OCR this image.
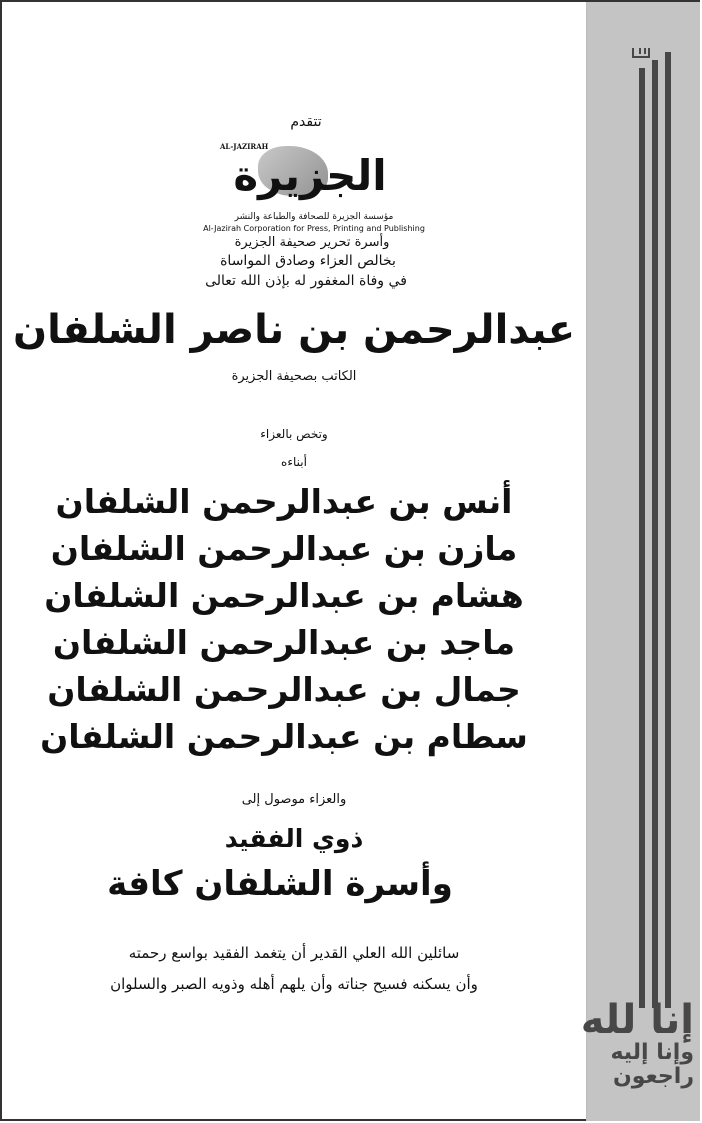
تتقدم
AL-JAZIRAH
الجزيرة
مؤسسة الجزيرة للصحافة والطباعة والنشر
Al-Jazirah Corporation for Press, Printing and Publishing
وأسرة تحرير صحيفة الجزيرة
بخالص العزاء وصادق المواساة
في وفاة المغفور له بإذن الله تعالى
عبدالرحمن بن ناصر الشلفان
الكاتب بصحيفة الجزيرة
وتخص بالعزاء
أبناءه
أنس بن عبدالرحمن الشلفان
مازن بن عبدالرحمن الشلفان
هشام بن عبدالرحمن الشلفان
ماجد بن عبدالرحمن الشلفان
جمال بن عبدالرحمن الشلفان
سطام بن عبدالرحمن الشلفان
والعزاء موصول إلى
ذوي الفقيد
وأسرة الشلفان كافة
سائلين الله العلي القدير أن يتغمد الفقيد بواسع رحمته
وأن يسكنه فسيح جناته وأن يلهم أهله وذويه الصبر والسلوان
إنا لله
وإنا إليه
راجعون
